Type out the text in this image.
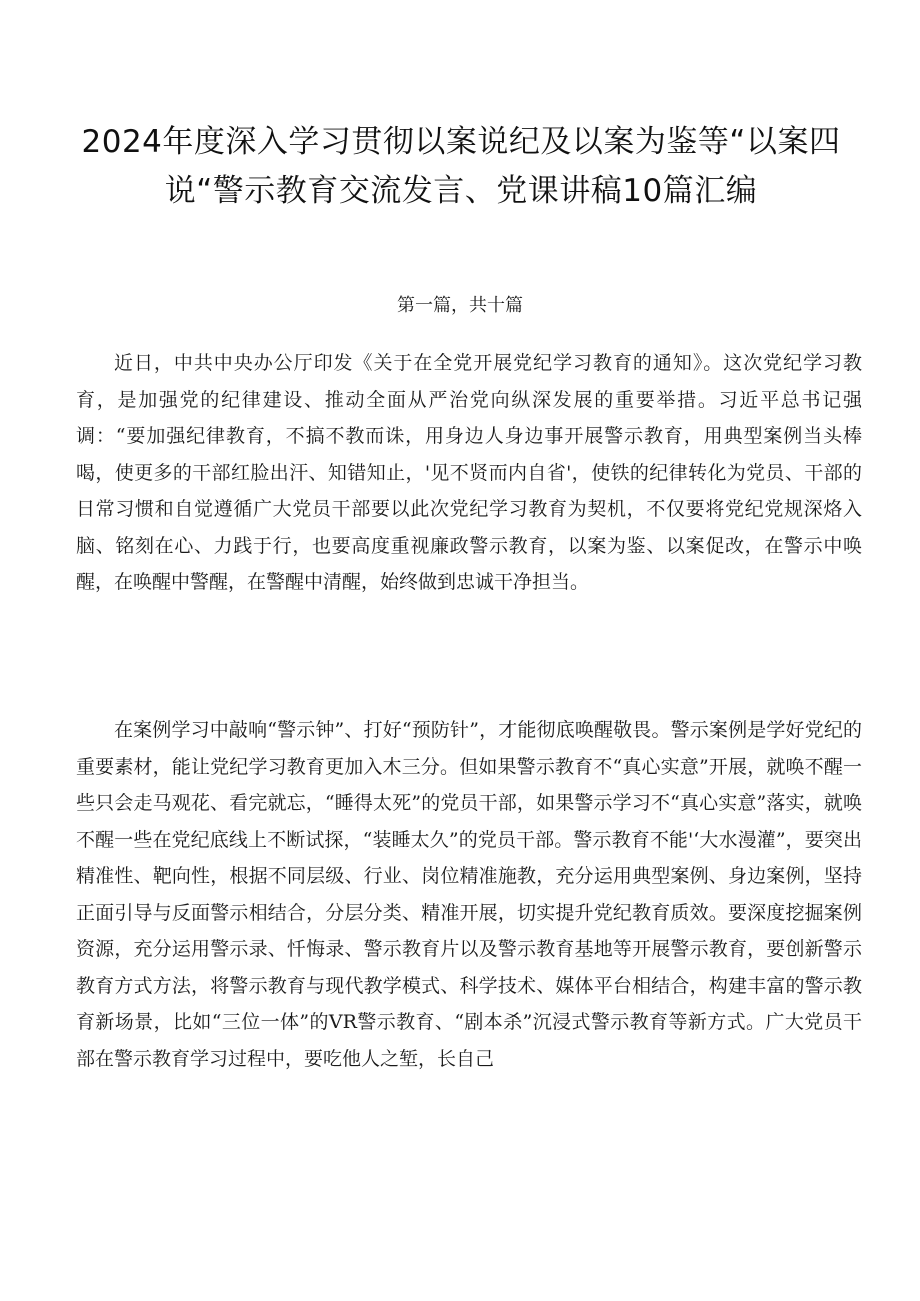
2024年度深入学习贯彻以案说纪及以案为鉴等“以案四说“警示教育交流发言、党课讲稿10篇汇编

第一篇，共十篇

近日，中共中央办公厅印发《关于在全党开展党纪学习教育的通知》。这次党纪学习教育，是加强党的纪律建设、推动全面从严治党向纵深发展的重要举措。习近平总书记强调：“要加强纪律教育，不搞不教而诛，用身边人身边事开展警示教育，用典型案例当头棒喝，使更多的干部红脸出汗、知错知止，'见不贤而内自省'，使铁的纪律转化为党员、干部的日常习惯和自觉遵循广大党员干部要以此次党纪学习教育为契机，不仅要将党纪党规深烙入脑、铭刻在心、力践于行，也要高度重视廉政警示教育，以案为鉴、以案促改，在警示中唤醒，在唤醒中警醒，在警醒中清醒，始终做到忠诚干净担当。

在案例学习中敲响“警示钟”、打好“预防针”，才能彻底唤醒敬畏。警示案例是学好党纪的重要素材，能让党纪学习教育更加入木三分。但如果警示教育不“真心实意”开展，就唤不醒一些只会走马观花、看完就忘，“睡得太死”的党员干部，如果警示学习不“真心实意”落实，就唤不醒一些在党纪底线上不断试探，“装睡太久”的党员干部。警示教育不能'‘大水漫灌”，要突出精准性、靶向性，根据不同层级、行业、岗位精准施教，充分运用典型案例、身边案例，坚持正面引导与反面警示相结合，分层分类、精准开展，切实提升党纪教育质效。要深度挖掘案例资源，充分运用警示录、忏悔录、警示教育片以及警示教育基地等开展警示教育，要创新警示教育方式方法，将警示教育与现代教学模式、科学技术、媒体平台相结合，构建丰富的警示教育新场景，比如“三位一体”的VR警示教育、“剧本杀”沉浸式警示教育等新方式。广大党员干部在警示教育学习过程中，要吃他人之堑，长自己
